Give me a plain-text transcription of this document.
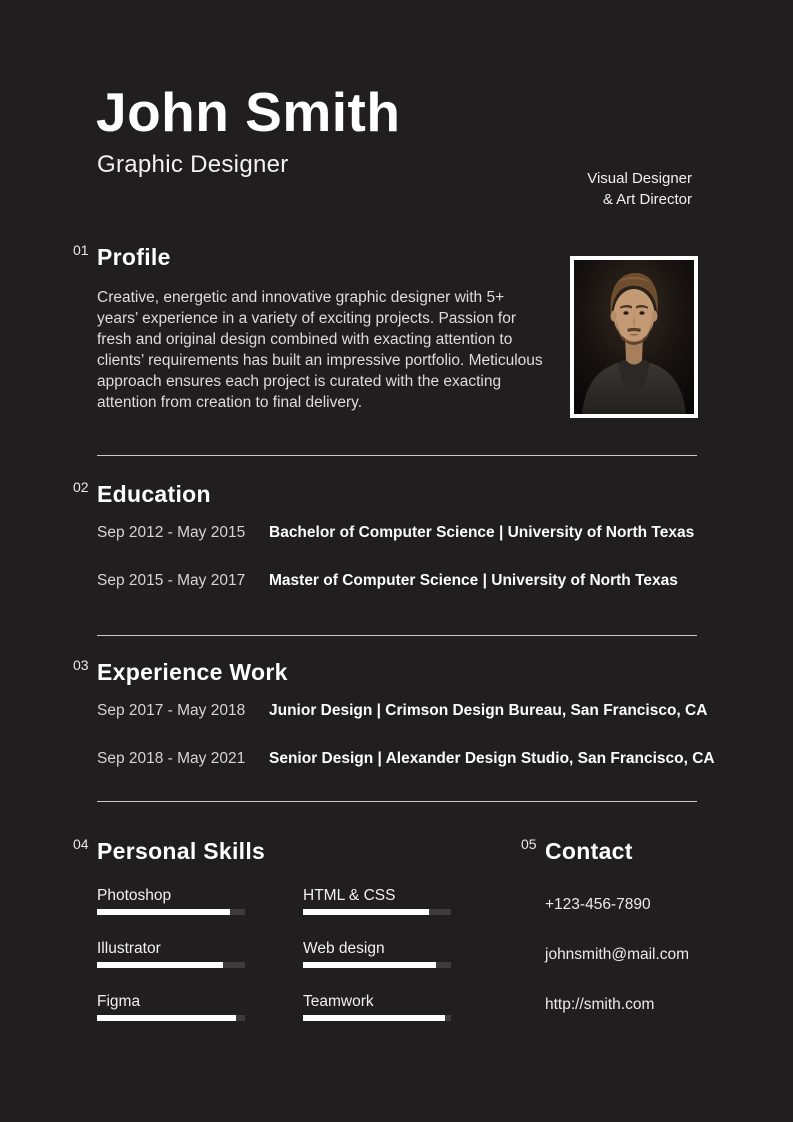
John Smith
Graphic Designer
Visual Designer
& Art Director
01 Profile

Creative, energetic and innovative graphic designer with 5+ years’ experience in a variety of exciting projects. Passion for fresh and original design combined with exacting attention to clients’ requirements has built an impressive portfolio. Meticulous approach ensures each project is curated with the exacting attention from creation to final delivery.

02 Education
Sep 2012 - May 2015 Bachelor of Computer Science | University of North Texas
Sep 2015 - May 2017 Master of Computer Science | University of North Texas
03 Experience Work
Sep 2017 - May 2018 Junior Design | Crimson Design Bureau, San Francisco, CA
Sep 2018 - May 2021 Senior Design | Alexander Design Studio, San Francisco, CA
04 Personal Skills
Photoshop	HTML & CSS
Illustrator	Web design
Figma	Teamwork
05 Contact
+123-456-7890
johnsmith@mail.com
http://smith.com
